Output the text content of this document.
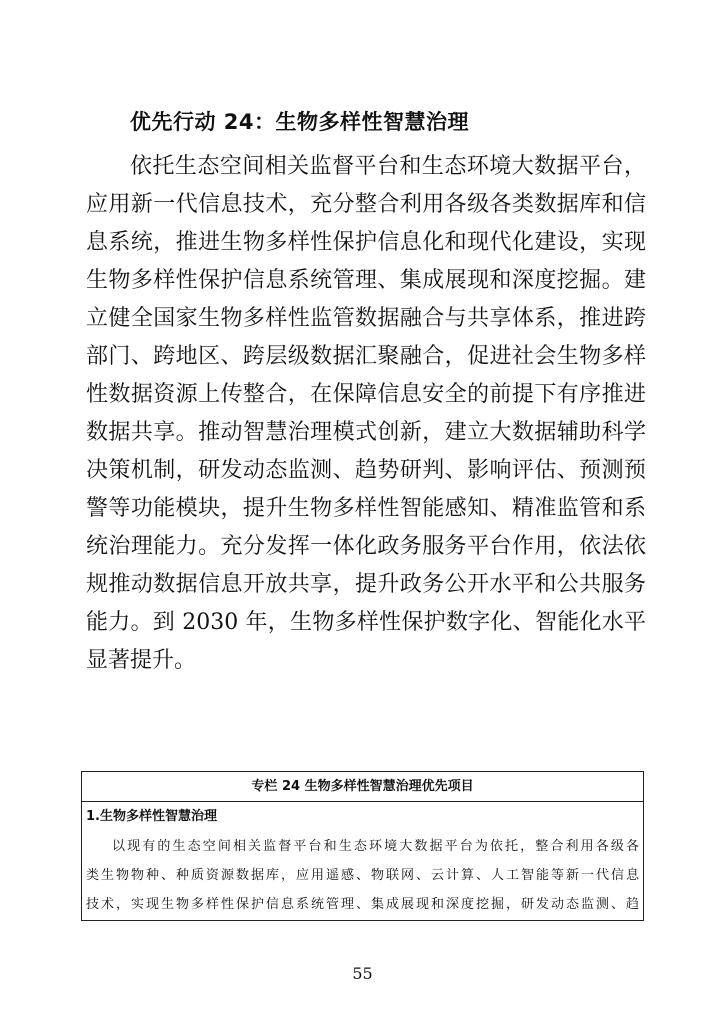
优先行动 24：生物多样性智慧治理
依托生态空间相关监督平台和生态环境大数据平台，
应用新一代信息技术，充分整合利用各级各类数据库和信
息系统，推进生物多样性保护信息化和现代化建设，实现
生物多样性保护信息系统管理、集成展现和深度挖掘。建
立健全国家生物多样性监管数据融合与共享体系，推进跨
部门、跨地区、跨层级数据汇聚融合，促进社会生物多样
性数据资源上传整合，在保障信息安全的前提下有序推进
数据共享。推动智慧治理模式创新，建立大数据辅助科学
决策机制，研发动态监测、趋势研判、影响评估、预测预
警等功能模块，提升生物多样性智能感知、精准监管和系
统治理能力。充分发挥一体化政务服务平台作用，依法依
规推动数据信息开放共享，提升政务公开水平和公共服务
能力。到 2030 年，生物多样性保护数字化、智能化水平
显著提升。
专栏 24 生物多样性智慧治理优先项目
1.生物多样性智慧治理
以现有的生态空间相关监督平台和生态环境大数据平台为依托，整合利用各级各
类生物物种、种质资源数据库，应用遥感、物联网、云计算、人工智能等新一代信息
技术，实现生物多样性保护信息系统管理、集成展现和深度挖掘，研发动态监测、趋
55
